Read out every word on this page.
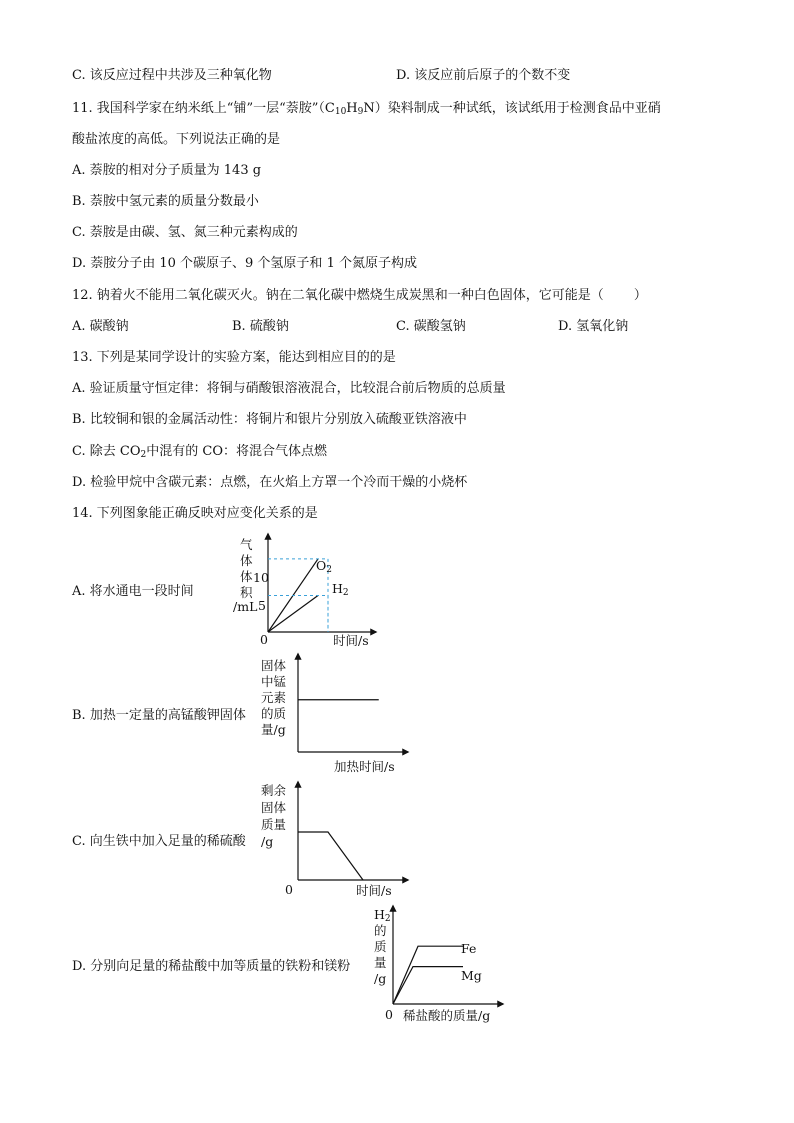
C. 该反应过程中共涉及三种氧化物	D. 该反应前后原子的个数不变
11. 我国科学家在纳米纸上“铺”一层“萘胺$”(C_{10}H_9N)$染料制成一种试纸，该试纸用于检测食品中亚硝
酸盐浓度的高低。下列说法正确的是
A. 萘胺的相对分子质量为 143 g
B. 萘胺中氢元素的质量分数最小
C. 萘胺是由碳、氢、氮三种元素构成的
D. 萘胺分子由 10 个碳原子、9 个氢原子和 1 个氮原子构成
12. 钠着火不能用二氧化碳灭火。钠在二氧化碳中燃烧生成炭黑和一种白色固体，它可能是（ ）
A. 碳酸钠	B. 硫酸钠	C. 碳酸氢钠	D. 氢氧化钠
13. 下列是某同学设计的实验方案，能达到相应目的的是
A. 验证质量守恒定律：将铜与硝酸银溶液混合，比较混合前后物质的总质量
B. 比较铜和银的金属活动性：将铜片和银片分别放入硫酸亚铁溶液中
C. 除去 $CO_2$中混有的 CO：将混合气体点燃
D. 检验甲烷中含碳元素：点燃，在火焰上方罩一个冷而干燥的小烧杯
14. 下列图象能正确反映对应变化关系的是
A. 将水通电一段时间
B. 加热一定量的高锰酸钾固体
C. 向生铁中加入足量的稀硫酸
D. 分别向足量的稀盐酸中加等质量的铁粉和镁粉
气
体
体
积
/mL
0	时间/s
10
5
$O_2$
$H_2$
固体
中锰
元素
的质
量/g
加热时间/s
剩余
固体
质量
/g
0	时间/s
$H_2$
的
质
量
/g
0 稀盐酸的质量/g
Fe
Mg
